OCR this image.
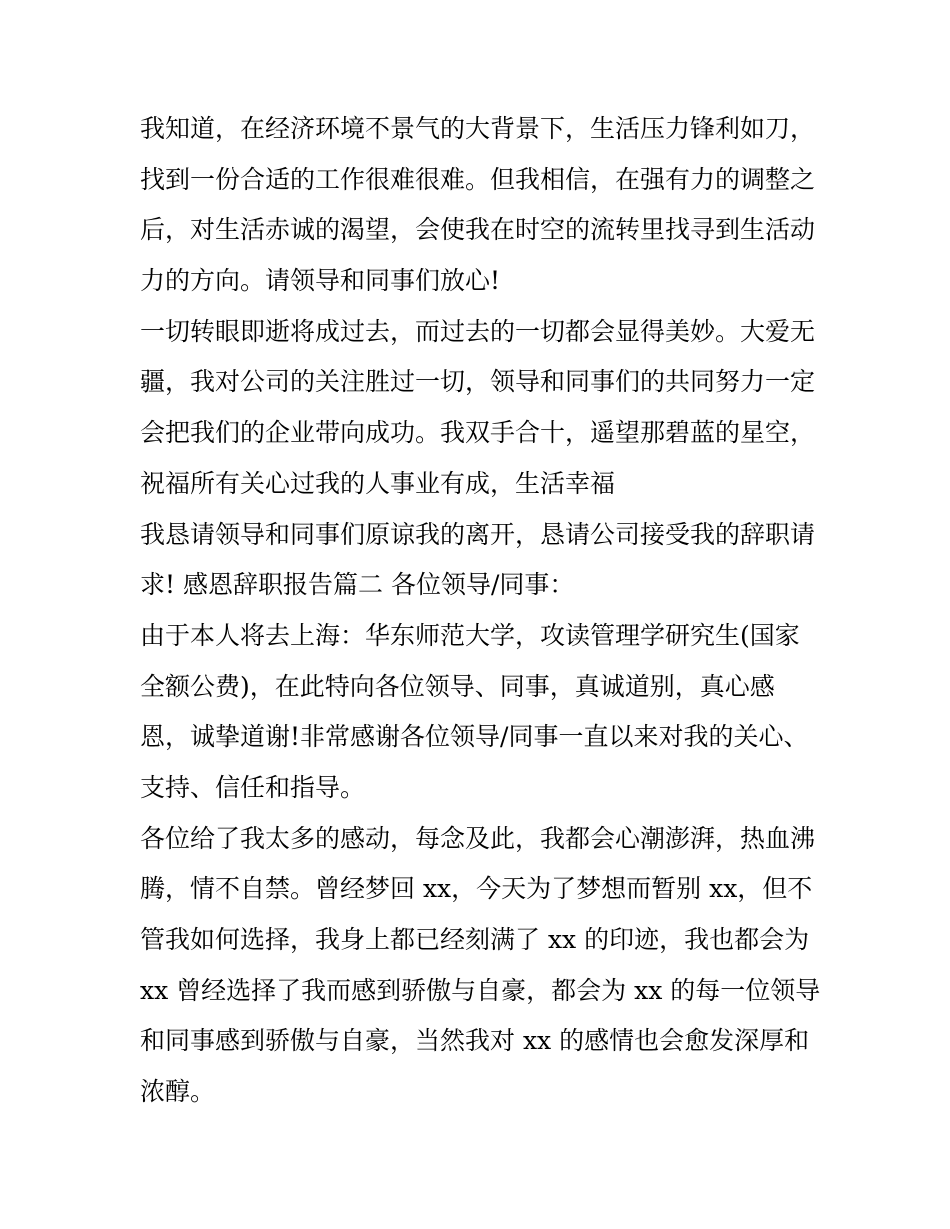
我知道，在经济环境不景气的大背景下，生活压力锋利如刀，
找到一份合适的工作很难很难。但我相信，在强有力的调整之
后，对生活赤诚的渴望，会使我在时空的流转里找寻到生活动
力的方向。请领导和同事们放心!
一切转眼即逝将成过去，而过去的一切都会显得美妙。大爱无
疆，我对公司的关注胜过一切，领导和同事们的共同努力一定
会把我们的企业带向成功。我双手合十，遥望那碧蓝的星空，
祝福所有关心过我的人事业有成，生活幸福
我恳请领导和同事们原谅我的离开，恳请公司接受我的辞职请
求! 感恩辞职报告篇二 各位领导/同事：
由于本人将去上海：华东师范大学，攻读管理学研究生(国家
全额公费)，在此特向各位领导、同事，真诚道别，真心感
恩，诚挚道谢!非常感谢各位领导/同事一直以来对我的关心、
支持、信任和指导。
各位给了我太多的感动，每念及此，我都会心潮澎湃，热血沸
腾，情不自禁。曾经梦回 xx，今天为了梦想而暂别 xx，但不
管我如何选择，我身上都已经刻满了 xx 的印迹，我也都会为
xx 曾经选择了我而感到骄傲与自豪，都会为 xx 的每一位领导
和同事感到骄傲与自豪，当然我对 xx 的感情也会愈发深厚和
浓醇。
